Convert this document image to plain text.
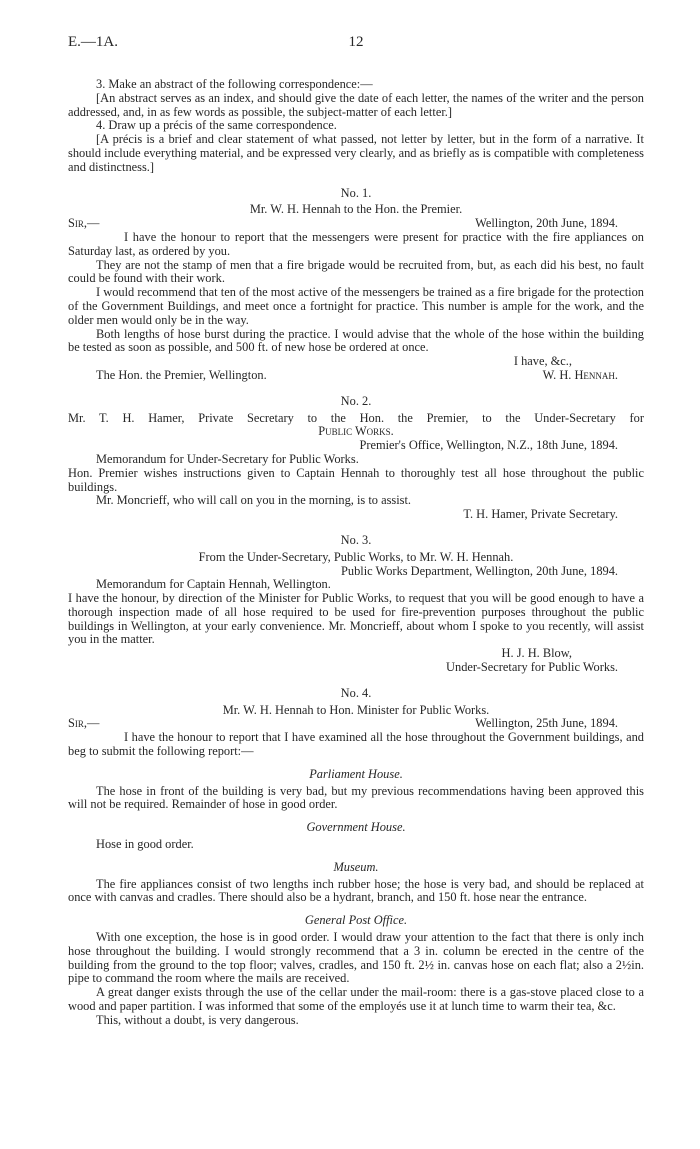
E.—1A.	12

3. Make an abstract of the following correspondence:—

[An abstract serves as an index, and should give the date of each letter, the names of the writer and the person addressed, and, in as few words as possible, the subject-matter of each letter.]

4. Draw up a précis of the same correspondence.

[A précis is a brief and clear statement of what passed, not letter by letter, but in the form of a narrative. It should include everything material, and be expressed very clearly, and as briefly as is compatible with completeness and distinctness.]

No. 1.

Mr. W. H. Hennah to the Hon. the Premier.

Sir,—	Wellington, 20th June, 1894.

I have the honour to report that the messengers were present for practice with the fire appliances on Saturday last, as ordered by you.

They are not the stamp of men that a fire brigade would be recruited from, but, as each did his best, no fault could be found with their work.

I would recommend that ten of the most active of the messengers be trained as a fire brigade for the protection of the Government Buildings, and meet once a fortnight for practice. This number is ample for the work, and the older men would only be in the way.

Both lengths of hose burst during the practice. I would advise that the whole of the hose within the building be tested as soon as possible, and 500 ft. of new hose be ordered at once.

I have, &c.,

The Hon. the Premier, Wellington.	W. H. Hennah.
No. 2.

Mr. T. H. Hamer, Private Secretary to the Hon. the Premier, to the Under-Secretary for

Public Works.

Premier's Office, Wellington, N.Z., 18th June, 1894.

Memorandum for Under-Secretary for Public Works.

Hon. Premier wishes instructions given to Captain Hennah to thoroughly test all hose throughout the public buildings.

Mr. Moncrieff, who will call on you in the morning, is to assist.

T. H. Hamer, Private Secretary.

No. 3.

From the Under-Secretary, Public Works, to Mr. W. H. Hennah.

Public Works Department, Wellington, 20th June, 1894.

Memorandum for Captain Hennah, Wellington.

I have the honour, by direction of the Minister for Public Works, to request that you will be good enough to have a thorough inspection made of all hose required to be used for fire-prevention purposes throughout the public buildings in Wellington, at your early convenience. Mr. Moncrieff, about whom I spoke to you recently, will assist you in the matter.

H. J. H. Blow,

Under-Secretary for Public Works.

No. 4.

Mr. W. H. Hennah to Hon. Minister for Public Works.

Sir,—	Wellington, 25th June, 1894.

I have the honour to report that I have examined all the hose throughout the Government buildings, and beg to submit the following report:—

Parliament House.

The hose in front of the building is very bad, but my previous recommendations having been approved this will not be required. Remainder of hose in good order.

Government House.

Hose in good order.

Museum.

The fire appliances consist of two lengths inch rubber hose; the hose is very bad, and should be replaced at once with canvas and cradles. There should also be a hydrant, branch, and 150 ft. hose near the entrance.

General Post Office.

With one exception, the hose is in good order. I would draw your attention to the fact that there is only inch hose throughout the building. I would strongly recommend that a 3 in. column be erected in the centre of the building from the ground to the top floor; valves, cradles, and 150 ft. 2½ in. canvas hose on each flat; also a 2½in. pipe to command the room where the mails are received.

A great danger exists through the use of the cellar under the mail-room: there is a gas-stove placed close to a wood and paper partition. I was informed that some of the employés use it at lunch time to warm their tea, &c.

This, without a doubt, is very dangerous.
